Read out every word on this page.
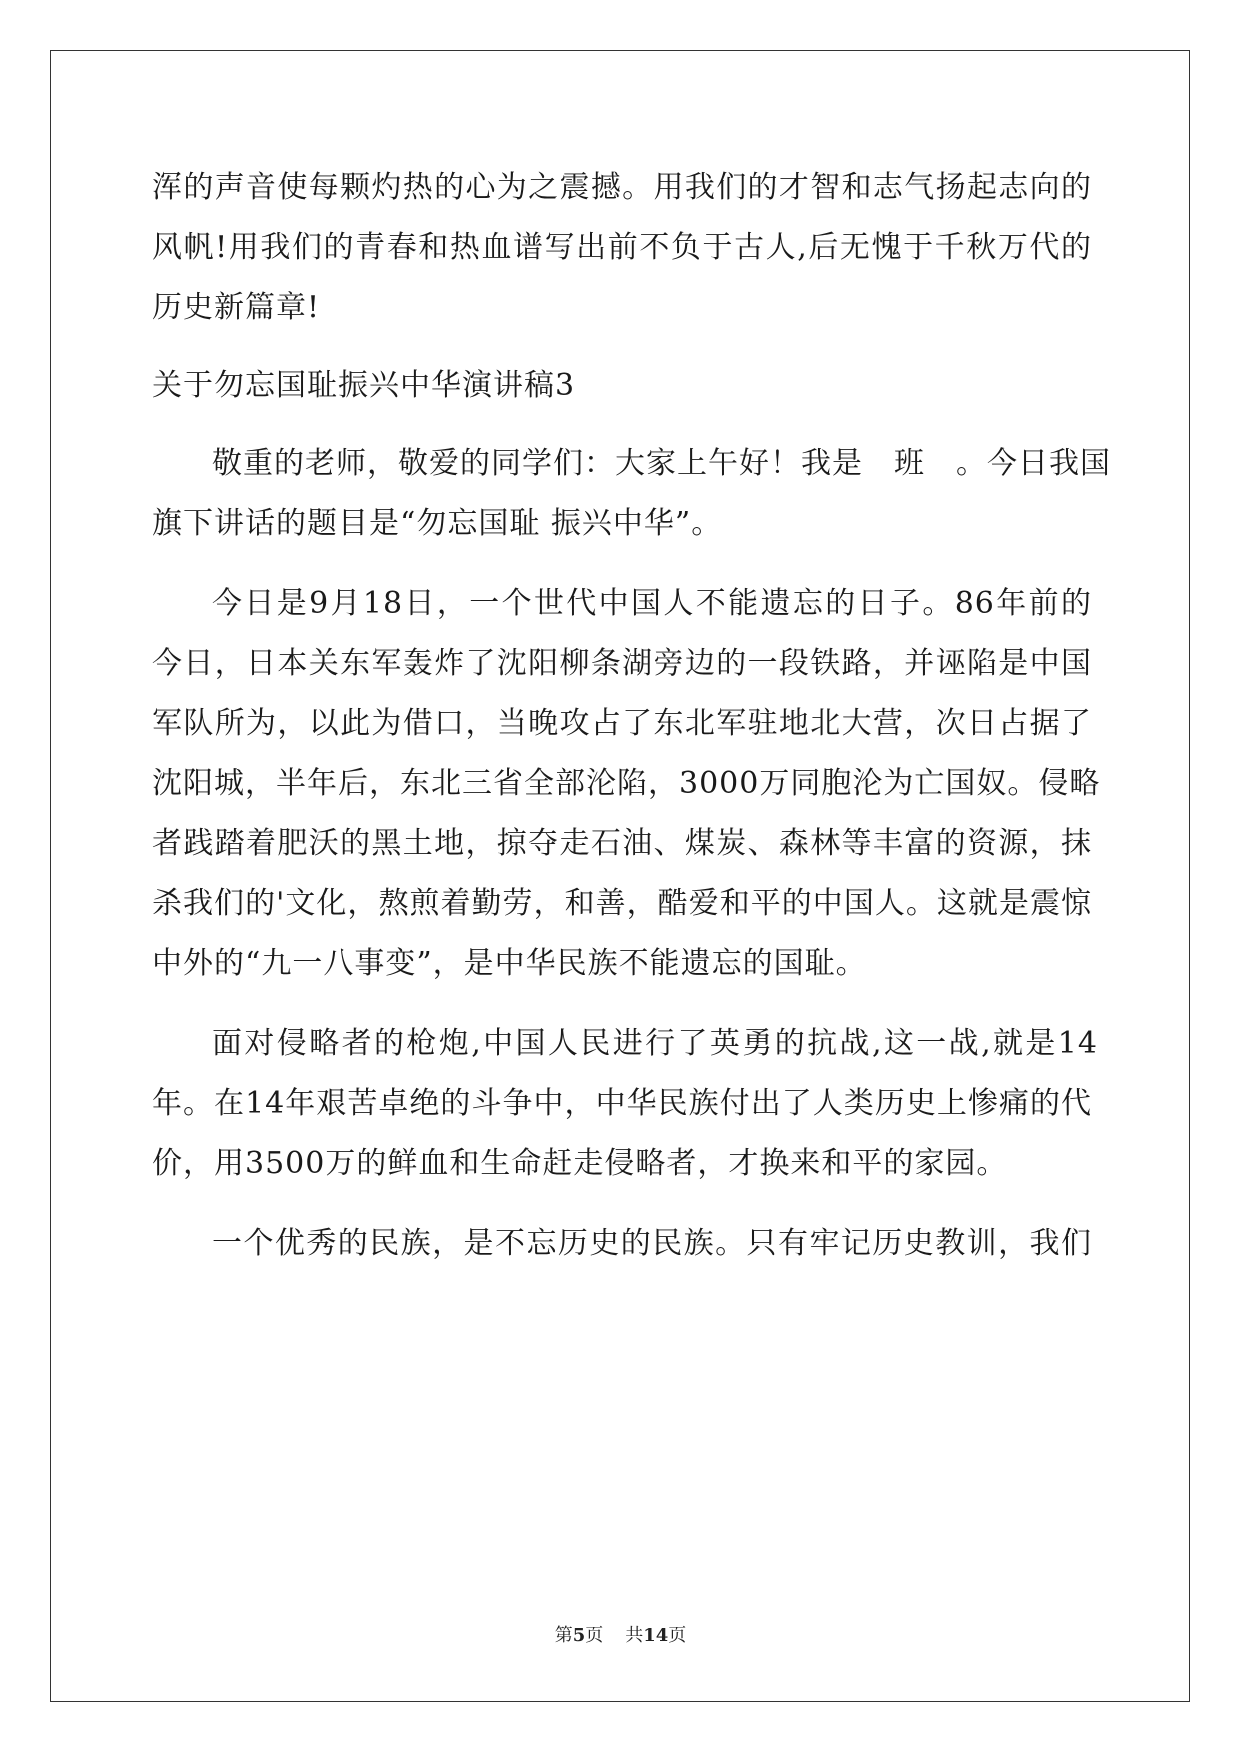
浑的声音使每颗灼热的心为之震撼。用我们的才智和志气扬起志向的
风帆!用我们的青春和热血谱写出前不负于古人,后无愧于千秋万代的
历史新篇章!
关于勿忘国耻振兴中华演讲稿3
敬重的老师，敬爱的同学们：大家上午好！我是　班　。今日我国
旗下讲话的题目是“勿忘国耻 振兴中华”。
今日是9月18日，一个世代中国人不能遗忘的日子。86年前的
今日，日本关东军轰炸了沈阳柳条湖旁边的一段铁路，并诬陷是中国
军队所为，以此为借口，当晚攻占了东北军驻地北大营，次日占据了
沈阳城，半年后，东北三省全部沦陷，3000万同胞沦为亡国奴。侵略
者践踏着肥沃的黑土地，掠夺走石油、煤炭、森林等丰富的资源，抹
杀我们的'文化，熬煎着勤劳，和善，酷爱和平的中国人。这就是震惊
中外的“九一八事变”，是中华民族不能遗忘的国耻。
面对侵略者的枪炮,中国人民进行了英勇的抗战,这一战,就是14
年。在14年艰苦卓绝的斗争中，中华民族付出了人类历史上惨痛的代
价，用3500万的鲜血和生命赶走侵略者，才换来和平的家园。
一个优秀的民族，是不忘历史的民族。只有牢记历史教训，我们
第5页 共14页
